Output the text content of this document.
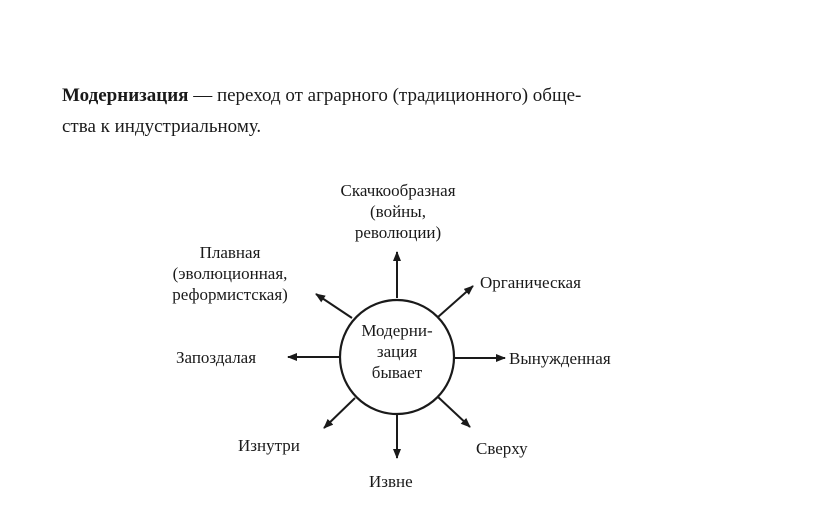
Модернизация — переход от аграрного (традиционного) обще-
ства к индустриальному.

Модерни-
зация
бывает
Скачкообразная
(войны,
революции)
Плавная
(эволюционная,
реформистская)
Органическая
Запоздалая	Вынужденная
Изнутри
Извне
Сверху
